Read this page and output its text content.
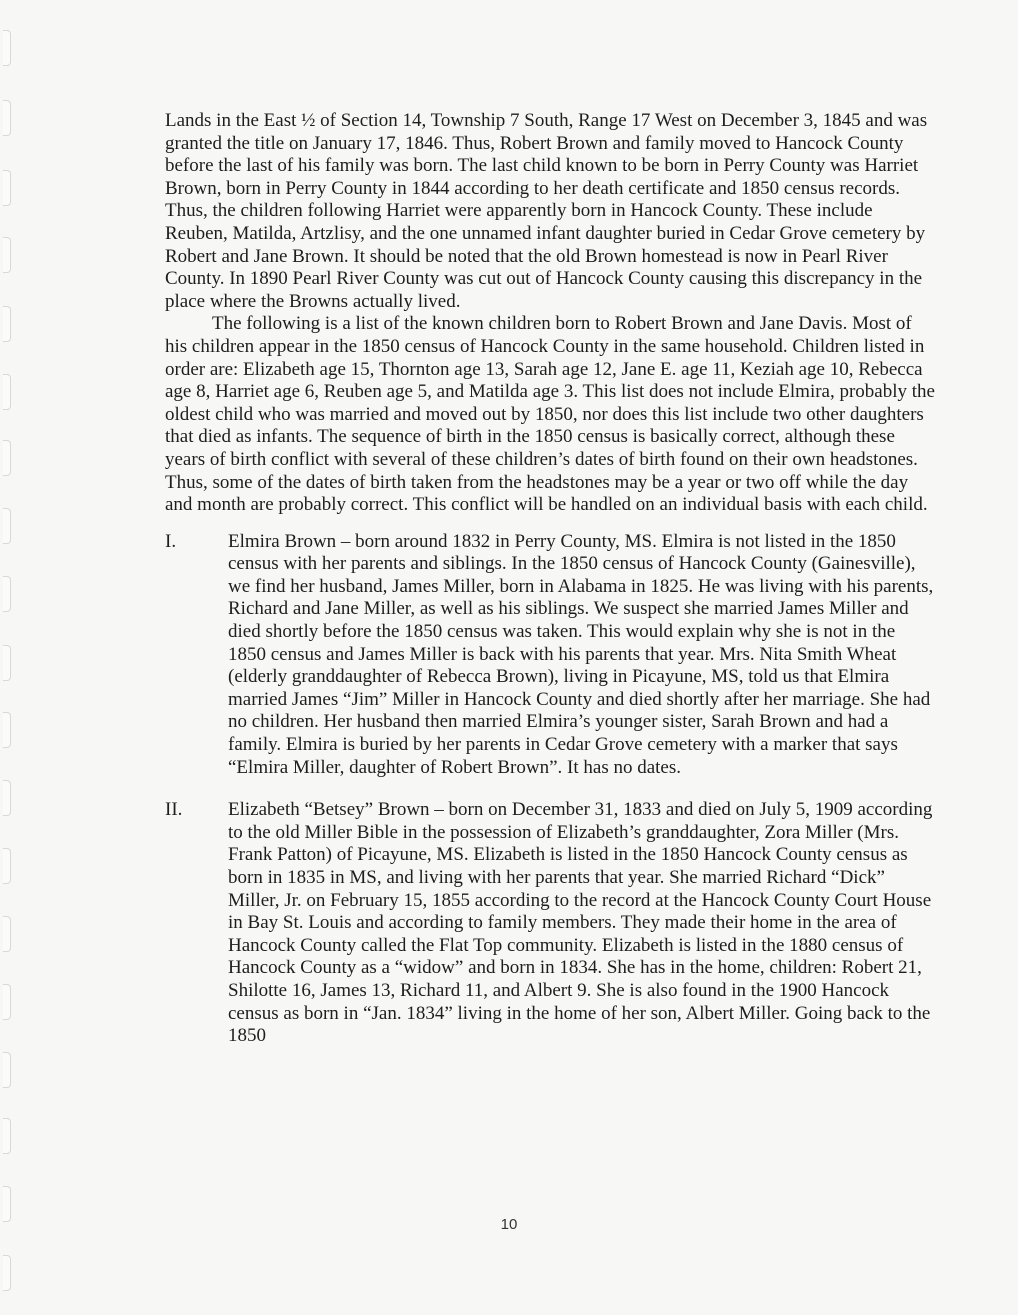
Lands in the East ½ of Section 14, Township 7 South, Range 17 West on December 3, 1845 and was granted the title on January 17, 1846. Thus, Robert Brown and family moved to Hancock County before the last of his family was born. The last child known to be born in Perry County was Harriet Brown, born in Perry County in 1844 according to her death certificate and 1850 census records. Thus, the children following Harriet were apparently born in Hancock County. These include Reuben, Matilda, Artzlisy, and the one unnamed infant daughter buried in Cedar Grove cemetery by Robert and Jane Brown. It should be noted that the old Brown homestead is now in Pearl River County. In 1890 Pearl River County was cut out of Hancock County causing this discrepancy in the place where the Browns actually lived.

The following is a list of the known children born to Robert Brown and Jane Davis. Most of his children appear in the 1850 census of Hancock County in the same household. Children listed in order are: Elizabeth age 15, Thornton age 13, Sarah age 12, Jane E. age 11, Keziah age 10, Rebecca age 8, Harriet age 6, Reuben age 5, and Matilda age 3. This list does not include Elmira, probably the oldest child who was married and moved out by 1850, nor does this list include two other daughters that died as infants. The sequence of birth in the 1850 census is basically correct, although these years of birth conflict with several of these children’s dates of birth found on their own headstones. Thus, some of the dates of birth taken from the headstones may be a year or two off while the day and month are probably correct. This conflict will be handled on an individual basis with each child.

I.	Elmira Brown – born around 1832 in Perry County, MS. Elmira is not listed in the 1850 census with her parents and siblings. In the 1850 census of Hancock County (Gainesville), we find her husband, James Miller, born in Alabama in 1825. He was living with his parents, Richard and Jane Miller, as well as his siblings. We suspect she married James Miller and died shortly before the 1850 census was taken. This would explain why she is not in the 1850 census and James Miller is back with his parents that year. Mrs. Nita Smith Wheat (elderly granddaughter of Rebecca Brown), living in Picayune, MS, told us that Elmira married James “Jim” Miller in Hancock County and died shortly after her marriage. She had no children. Her husband then married Elmira’s younger sister, Sarah Brown and had a family. Elmira is buried by her parents in Cedar Grove cemetery with a marker that says “Elmira Miller, daughter of Robert Brown”. It has no dates.

II.	Elizabeth “Betsey” Brown – born on December 31, 1833 and died on July 5, 1909 according to the old Miller Bible in the possession of Elizabeth’s granddaughter, Zora Miller (Mrs. Frank Patton) of Picayune, MS. Elizabeth is listed in the 1850 Hancock County census as born in 1835 in MS, and living with her parents that year. She married Richard “Dick” Miller, Jr. on February 15, 1855 according to the record at the Hancock County Court House in Bay St. Louis and according to family members. They made their home in the area of Hancock County called the Flat Top community. Elizabeth is listed in the 1880 census of Hancock County as a “widow” and born in 1834. She has in the home, children: Robert 21, Shilotte 16, James 13, Richard 11, and Albert 9. She is also found in the 1900 Hancock census as born in “Jan. 1834” living in the home of her son, Albert Miller. Going back to the 1850

10
